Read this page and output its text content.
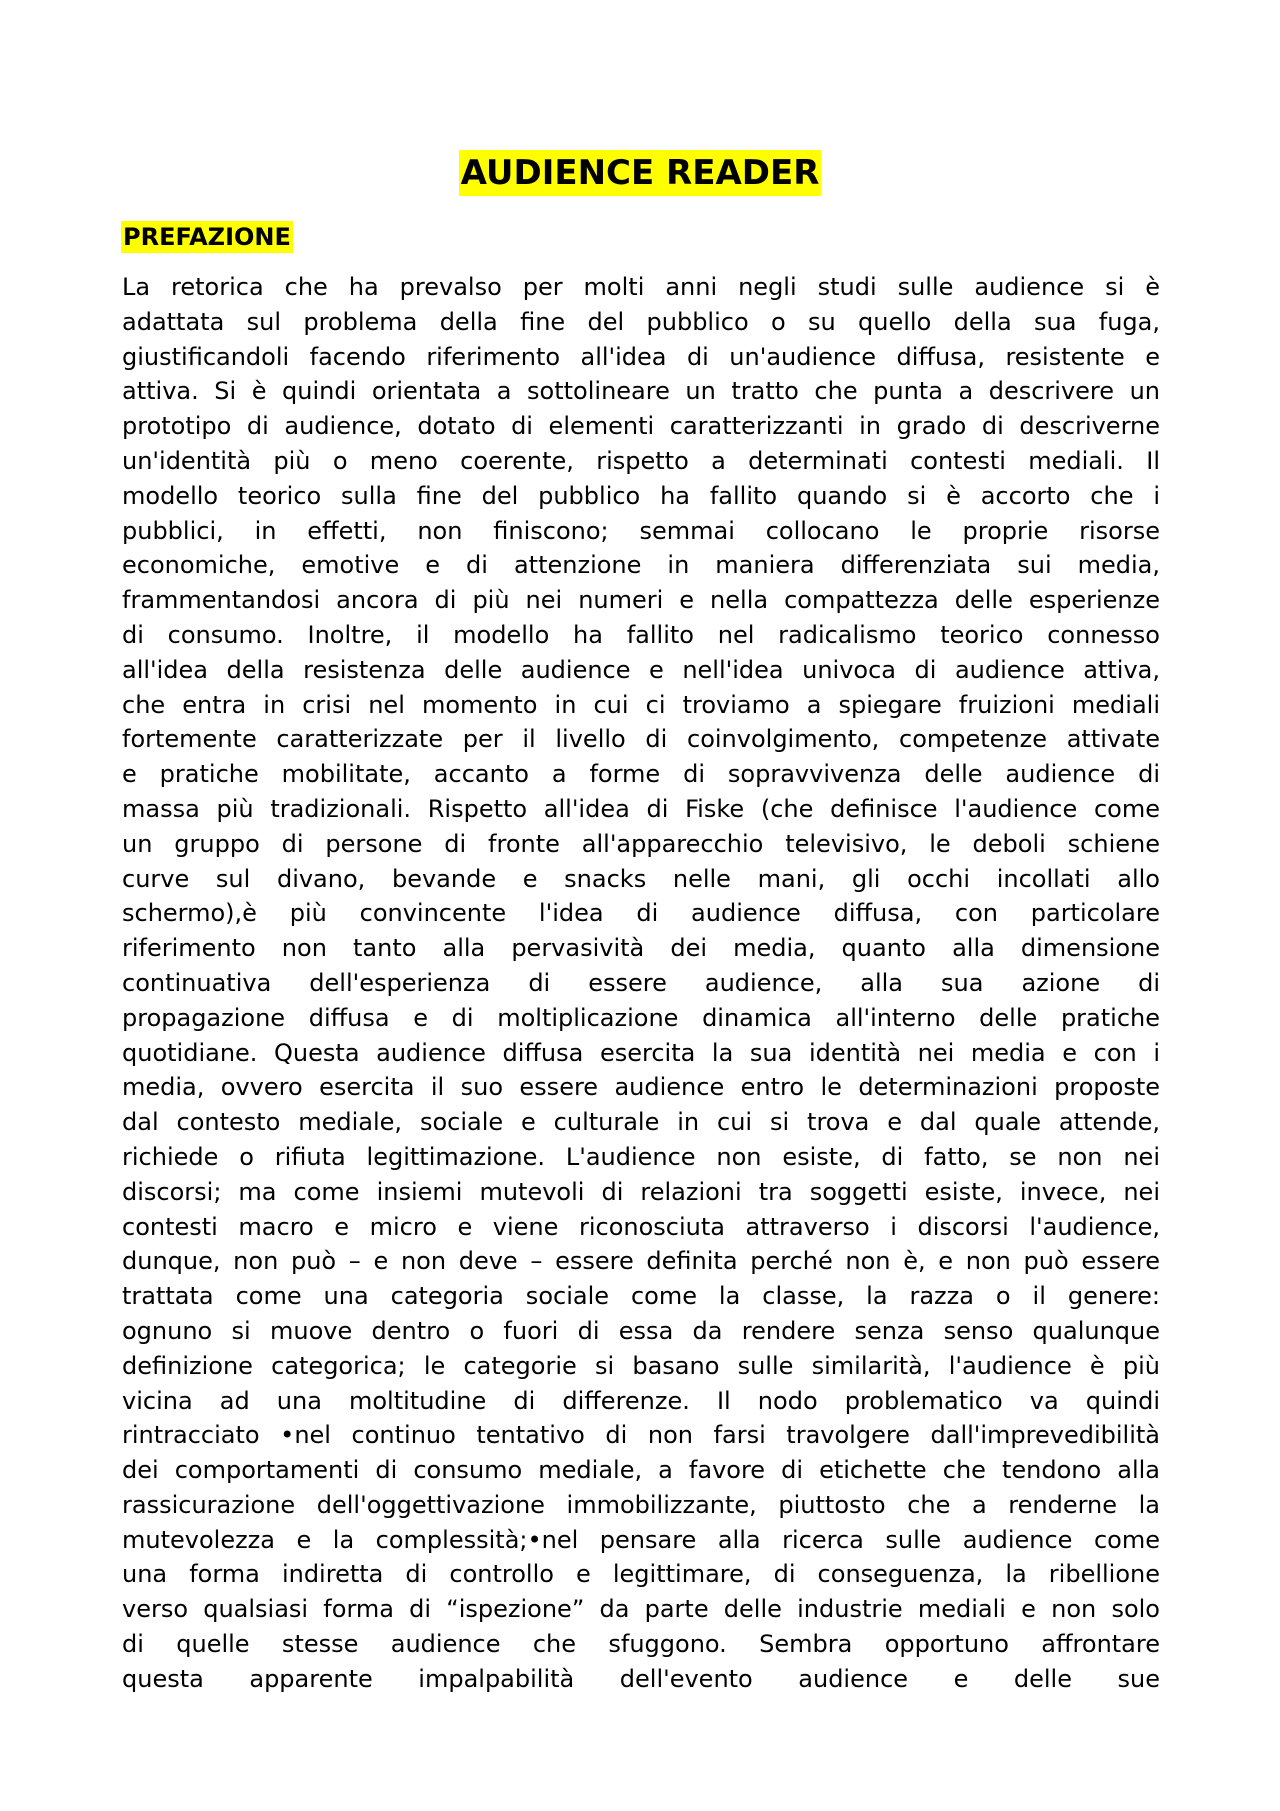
AUDIENCE READER
PREFAZIONE
La retorica che ha prevalso per molti anni negli studi sulle audience si è
adattata sul problema della fine del pubblico o su quello della sua fuga,
giustificandoli facendo riferimento all'idea di un'audience diffusa, resistente e
attiva. Si è quindi orientata a sottolineare un tratto che punta a descrivere un
prototipo di audience, dotato di elementi caratterizzanti in grado di descriverne
un'identità più o meno coerente, rispetto a determinati contesti mediali. Il
modello teorico sulla fine del pubblico ha fallito quando si è accorto che i
pubblici, in effetti, non finiscono; semmai collocano le proprie risorse
economiche, emotive e di attenzione in maniera differenziata sui media,
frammentandosi ancora di più nei numeri e nella compattezza delle esperienze
di consumo. Inoltre, il modello ha fallito nel radicalismo teorico connesso
all'idea della resistenza delle audience e nell'idea univoca di audience attiva,
che entra in crisi nel momento in cui ci troviamo a spiegare fruizioni mediali
fortemente caratterizzate per il livello di coinvolgimento, competenze attivate
e pratiche mobilitate, accanto a forme di sopravvivenza delle audience di
massa più tradizionali. Rispetto all'idea di Fiske (che definisce l'audience come
un gruppo di persone di fronte all'apparecchio televisivo, le deboli schiene
curve sul divano, bevande e snacks nelle mani, gli occhi incollati allo
schermo),è più convincente l'idea di audience diffusa, con particolare
riferimento non tanto alla pervasività dei media, quanto alla dimensione
continuativa dell'esperienza di essere audience, alla sua azione di
propagazione diffusa e di moltiplicazione dinamica all'interno delle pratiche
quotidiane. Questa audience diffusa esercita la sua identità nei media e con i
media, ovvero esercita il suo essere audience entro le determinazioni proposte
dal contesto mediale, sociale e culturale in cui si trova e dal quale attende,
richiede o rifiuta legittimazione. L'audience non esiste, di fatto, se non nei
discorsi; ma come insiemi mutevoli di relazioni tra soggetti esiste, invece, nei
contesti macro e micro e viene riconosciuta attraverso i discorsi l'audience,
dunque, non può – e non deve – essere definita perché non è, e non può essere
trattata come una categoria sociale come la classe, la razza o il genere:
ognuno si muove dentro o fuori di essa da rendere senza senso qualunque
definizione categorica; le categorie si basano sulle similarità, l'audience è più
vicina ad una moltitudine di differenze. Il nodo problematico va quindi
rintracciato •nel continuo tentativo di non farsi travolgere dall'imprevedibilità
dei comportamenti di consumo mediale, a favore di etichette che tendono alla
rassicurazione dell'oggettivazione immobilizzante, piuttosto che a renderne la
mutevolezza e la complessità;•nel pensare alla ricerca sulle audience come
una forma indiretta di controllo e legittimare, di conseguenza, la ribellione
verso qualsiasi forma di “ispezione” da parte delle industrie mediali e non solo
di quelle stesse audience che sfuggono. Sembra opportuno affrontare
questa apparente impalpabilità dell'evento audience e delle sue
